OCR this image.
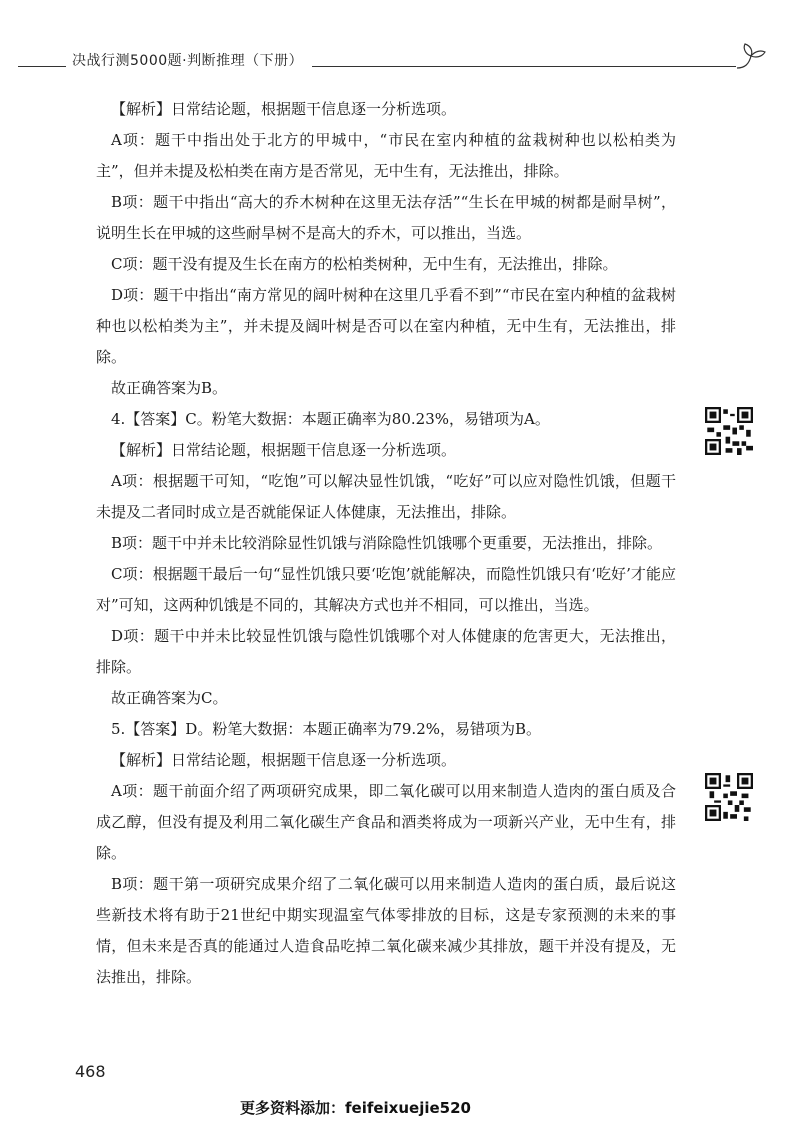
决战行测5000题·判断推理（下册）

【解析】日常结论题，根据题干信息逐一分析选项。

A项：题干中指出处于北方的甲城中，“市民在室内种植的盆栽树种也以松柏类为主”，但并未提及松柏类在南方是否常见，无中生有，无法推出，排除。

B项：题干中指出“高大的乔木树种在这里无法存活”“生长在甲城的树都是耐旱树”，说明生长在甲城的这些耐旱树不是高大的乔木，可以推出，当选。

C项：题干没有提及生长在南方的松柏类树种，无中生有，无法推出，排除。

D项：题干中指出“南方常见的阔叶树种在这里几乎看不到”“市民在室内种植的盆栽树种也以松柏类为主”，并未提及阔叶树是否可以在室内种植，无中生有，无法推出，排除。

故正确答案为B。

4.【答案】C。粉笔大数据：本题正确率为80.23%，易错项为A。

【解析】日常结论题，根据题干信息逐一分析选项。

A项：根据题干可知，“吃饱”可以解决显性饥饿，“吃好”可以应对隐性饥饿，但题干未提及二者同时成立是否就能保证人体健康，无法推出，排除。

B项：题干中并未比较消除显性饥饿与消除隐性饥饿哪个更重要，无法推出，排除。

C项：根据题干最后一句“显性饥饿只要‘吃饱’就能解决，而隐性饥饿只有‘吃好’才能应对”可知，这两种饥饿是不同的，其解决方式也并不相同，可以推出，当选。

D项：题干中并未比较显性饥饿与隐性饥饿哪个对人体健康的危害更大，无法推出，排除。

故正确答案为C。

5.【答案】D。粉笔大数据：本题正确率为79.2%，易错项为B。

【解析】日常结论题，根据题干信息逐一分析选项。

A项：题干前面介绍了两项研究成果，即二氧化碳可以用来制造人造肉的蛋白质及合成乙醇，但没有提及利用二氧化碳生产食品和酒类将成为一项新兴产业，无中生有，排除。

B项：题干第一项研究成果介绍了二氧化碳可以用来制造人造肉的蛋白质，最后说这些新技术将有助于21世纪中期实现温室气体零排放的目标，这是专家预测的未来的事情，但未来是否真的能通过人造食品吃掉二氧化碳来减少其排放，题干并没有提及，无法推出，排除。

468
更多资料添加：feifeixuejie520
